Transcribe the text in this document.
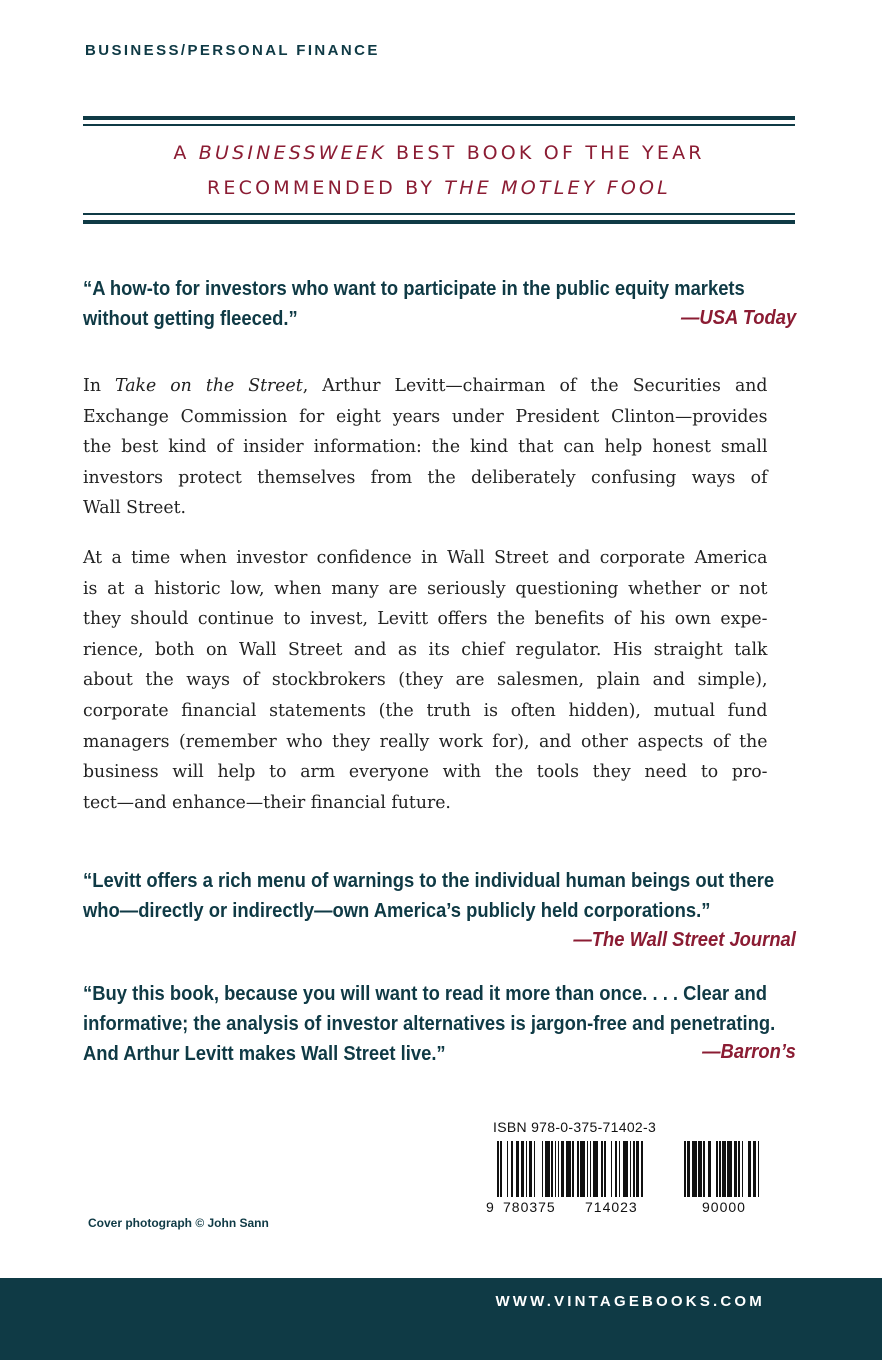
BUSINESS/PERSONAL FINANCE
A BUSINESSWEEK BEST BOOK OF THE YEAR
RECOMMENDED BY THE MOTLEY FOOL
“A how-to for investors who want to participate in the public equity markets
without getting fleeced.”	—USA Today
In Take on the Street, Arthur Levitt—chairman of the Securities and
Exchange Commission for eight years under President Clinton—provides
the best kind of insider information: the kind that can help honest small
investors protect themselves from the deliberately confusing ways of
Wall Street.
At a time when investor confidence in Wall Street and corporate America
is at a historic low, when many are seriously questioning whether or not
they should continue to invest, Levitt offers the benefits of his own expe-
rience, both on Wall Street and as its chief regulator. His straight talk
about the ways of stockbrokers (they are salesmen, plain and simple),
corporate financial statements (the truth is often hidden), mutual fund
managers (remember who they really work for), and other aspects of the
business will help to arm everyone with the tools they need to pro-
tect—and enhance—their financial future.
“Levitt offers a rich menu of warnings to the individual human beings out there
who—directly or indirectly—own America’s publicly held corporations.”
—The Wall Street Journal
“Buy this book, because you will want to read it more than once. . . . Clear and
informative; the analysis of investor alternatives is jargon-free and penetrating.
And Arthur Levitt makes Wall Street live.”	—Barron’s
ISBN 978-0-375-71402-3
9 780375 714023	90000
Cover photograph © John Sann
WWW.VINTAGEBOOKS.COM
